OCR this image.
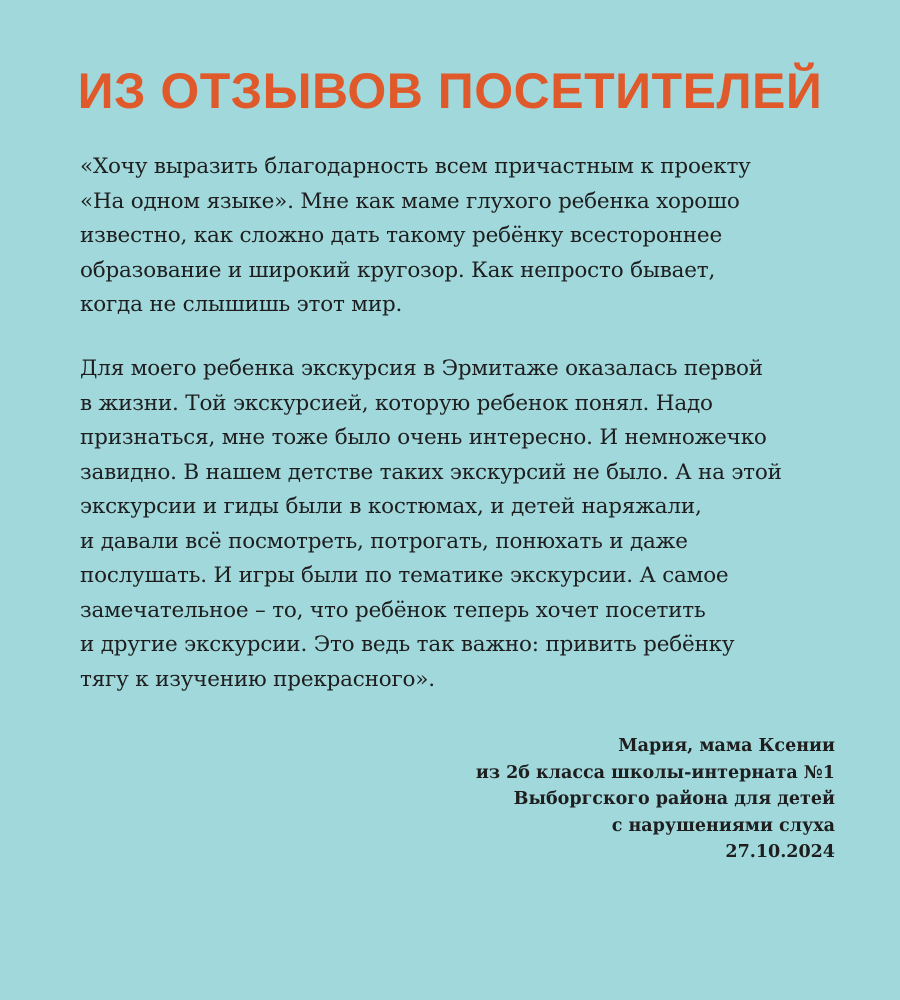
ИЗ ОТЗЫВОВ ПОСЕТИТЕЛЕЙ
«Хочу выразить благодарность всем причастным к проекту
«На одном языке». Мне как маме глухого ребенка хорошо
известно, как сложно дать такому ребёнку всестороннее
образование и широкий кругозор. Как непросто бывает,
когда не слышишь этот мир.
Для моего ребенка экскурсия в Эрмитаже оказалась первой
в жизни. Той экскурсией, которую ребенок понял. Надо
признаться, мне тоже было очень интересно. И немножечко
завидно. В нашем детстве таких экскурсий не было. А на этой
экскурсии и гиды были в костюмах, и детей наряжали,
и давали всё посмотреть, потрогать, понюхать и даже
послушать. И игры были по тематике экскурсии. А самое
замечательное – то, что ребёнок теперь хочет посетить
и другие экскурсии. Это ведь так важно: привить ребёнку
тягу к изучению прекрасного».
Мария, мама Ксении
из 2б класса школы-интерната №1
Выборгского района для детей
с нарушениями слуха
27.10.2024
